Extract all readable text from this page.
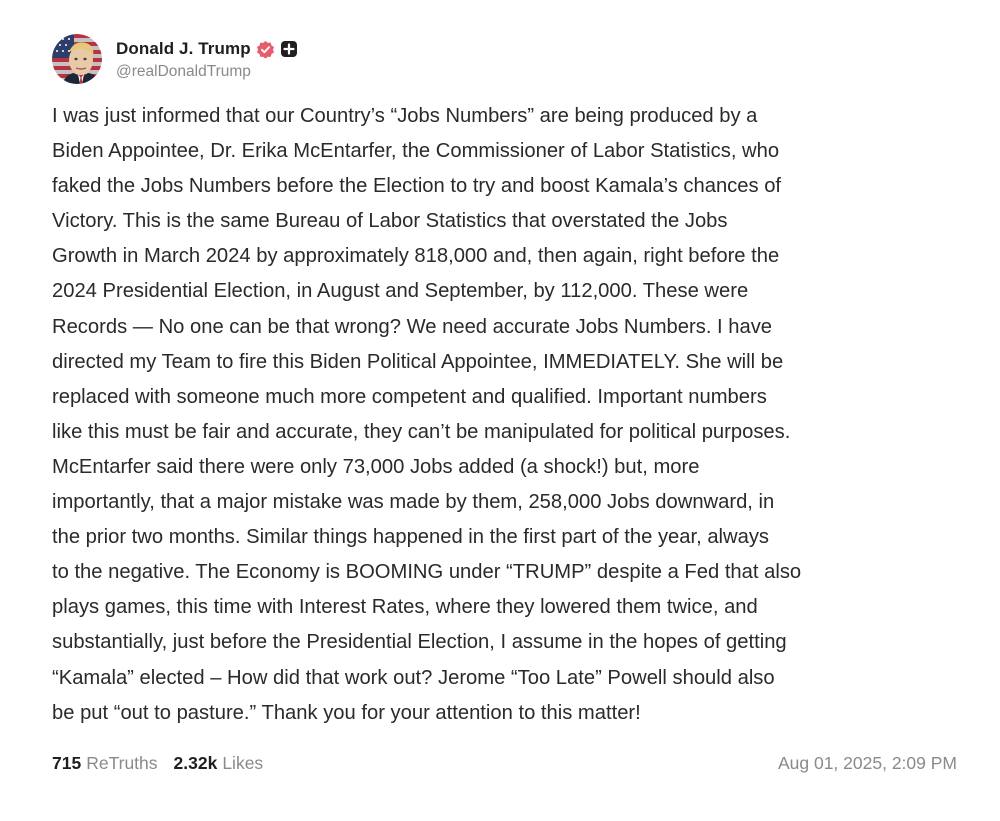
Donald J. Trump
@realDonaldTrump
I was just informed that our Country’s “Jobs Numbers” are being produced by a
Biden Appointee, Dr. Erika McEntarfer, the Commissioner of Labor Statistics, who
faked the Jobs Numbers before the Election to try and boost Kamala’s chances of
Victory. This is the same Bureau of Labor Statistics that overstated the Jobs
Growth in March 2024 by approximately 818,000 and, then again, right before the
2024 Presidential Election, in August and September, by 112,000. These were
Records — No one can be that wrong? We need accurate Jobs Numbers. I have
directed my Team to fire this Biden Political Appointee, IMMEDIATELY. She will be
replaced with someone much more competent and qualified. Important numbers
like this must be fair and accurate, they can’t be manipulated for political purposes.
McEntarfer said there were only 73,000 Jobs added (a shock!) but, more
importantly, that a major mistake was made by them, 258,000 Jobs downward, in
the prior two months. Similar things happened in the first part of the year, always
to the negative. The Economy is BOOMING under “TRUMP” despite a Fed that also
plays games, this time with Interest Rates, where they lowered them twice, and
substantially, just before the Presidential Election, I assume in the hopes of getting
“Kamala” elected – How did that work out? Jerome “Too Late” Powell should also
be put “out to pasture.” Thank you for your attention to this matter!
715 ReTruths 2.32k Likes	Aug 01, 2025, 2:09 PM
